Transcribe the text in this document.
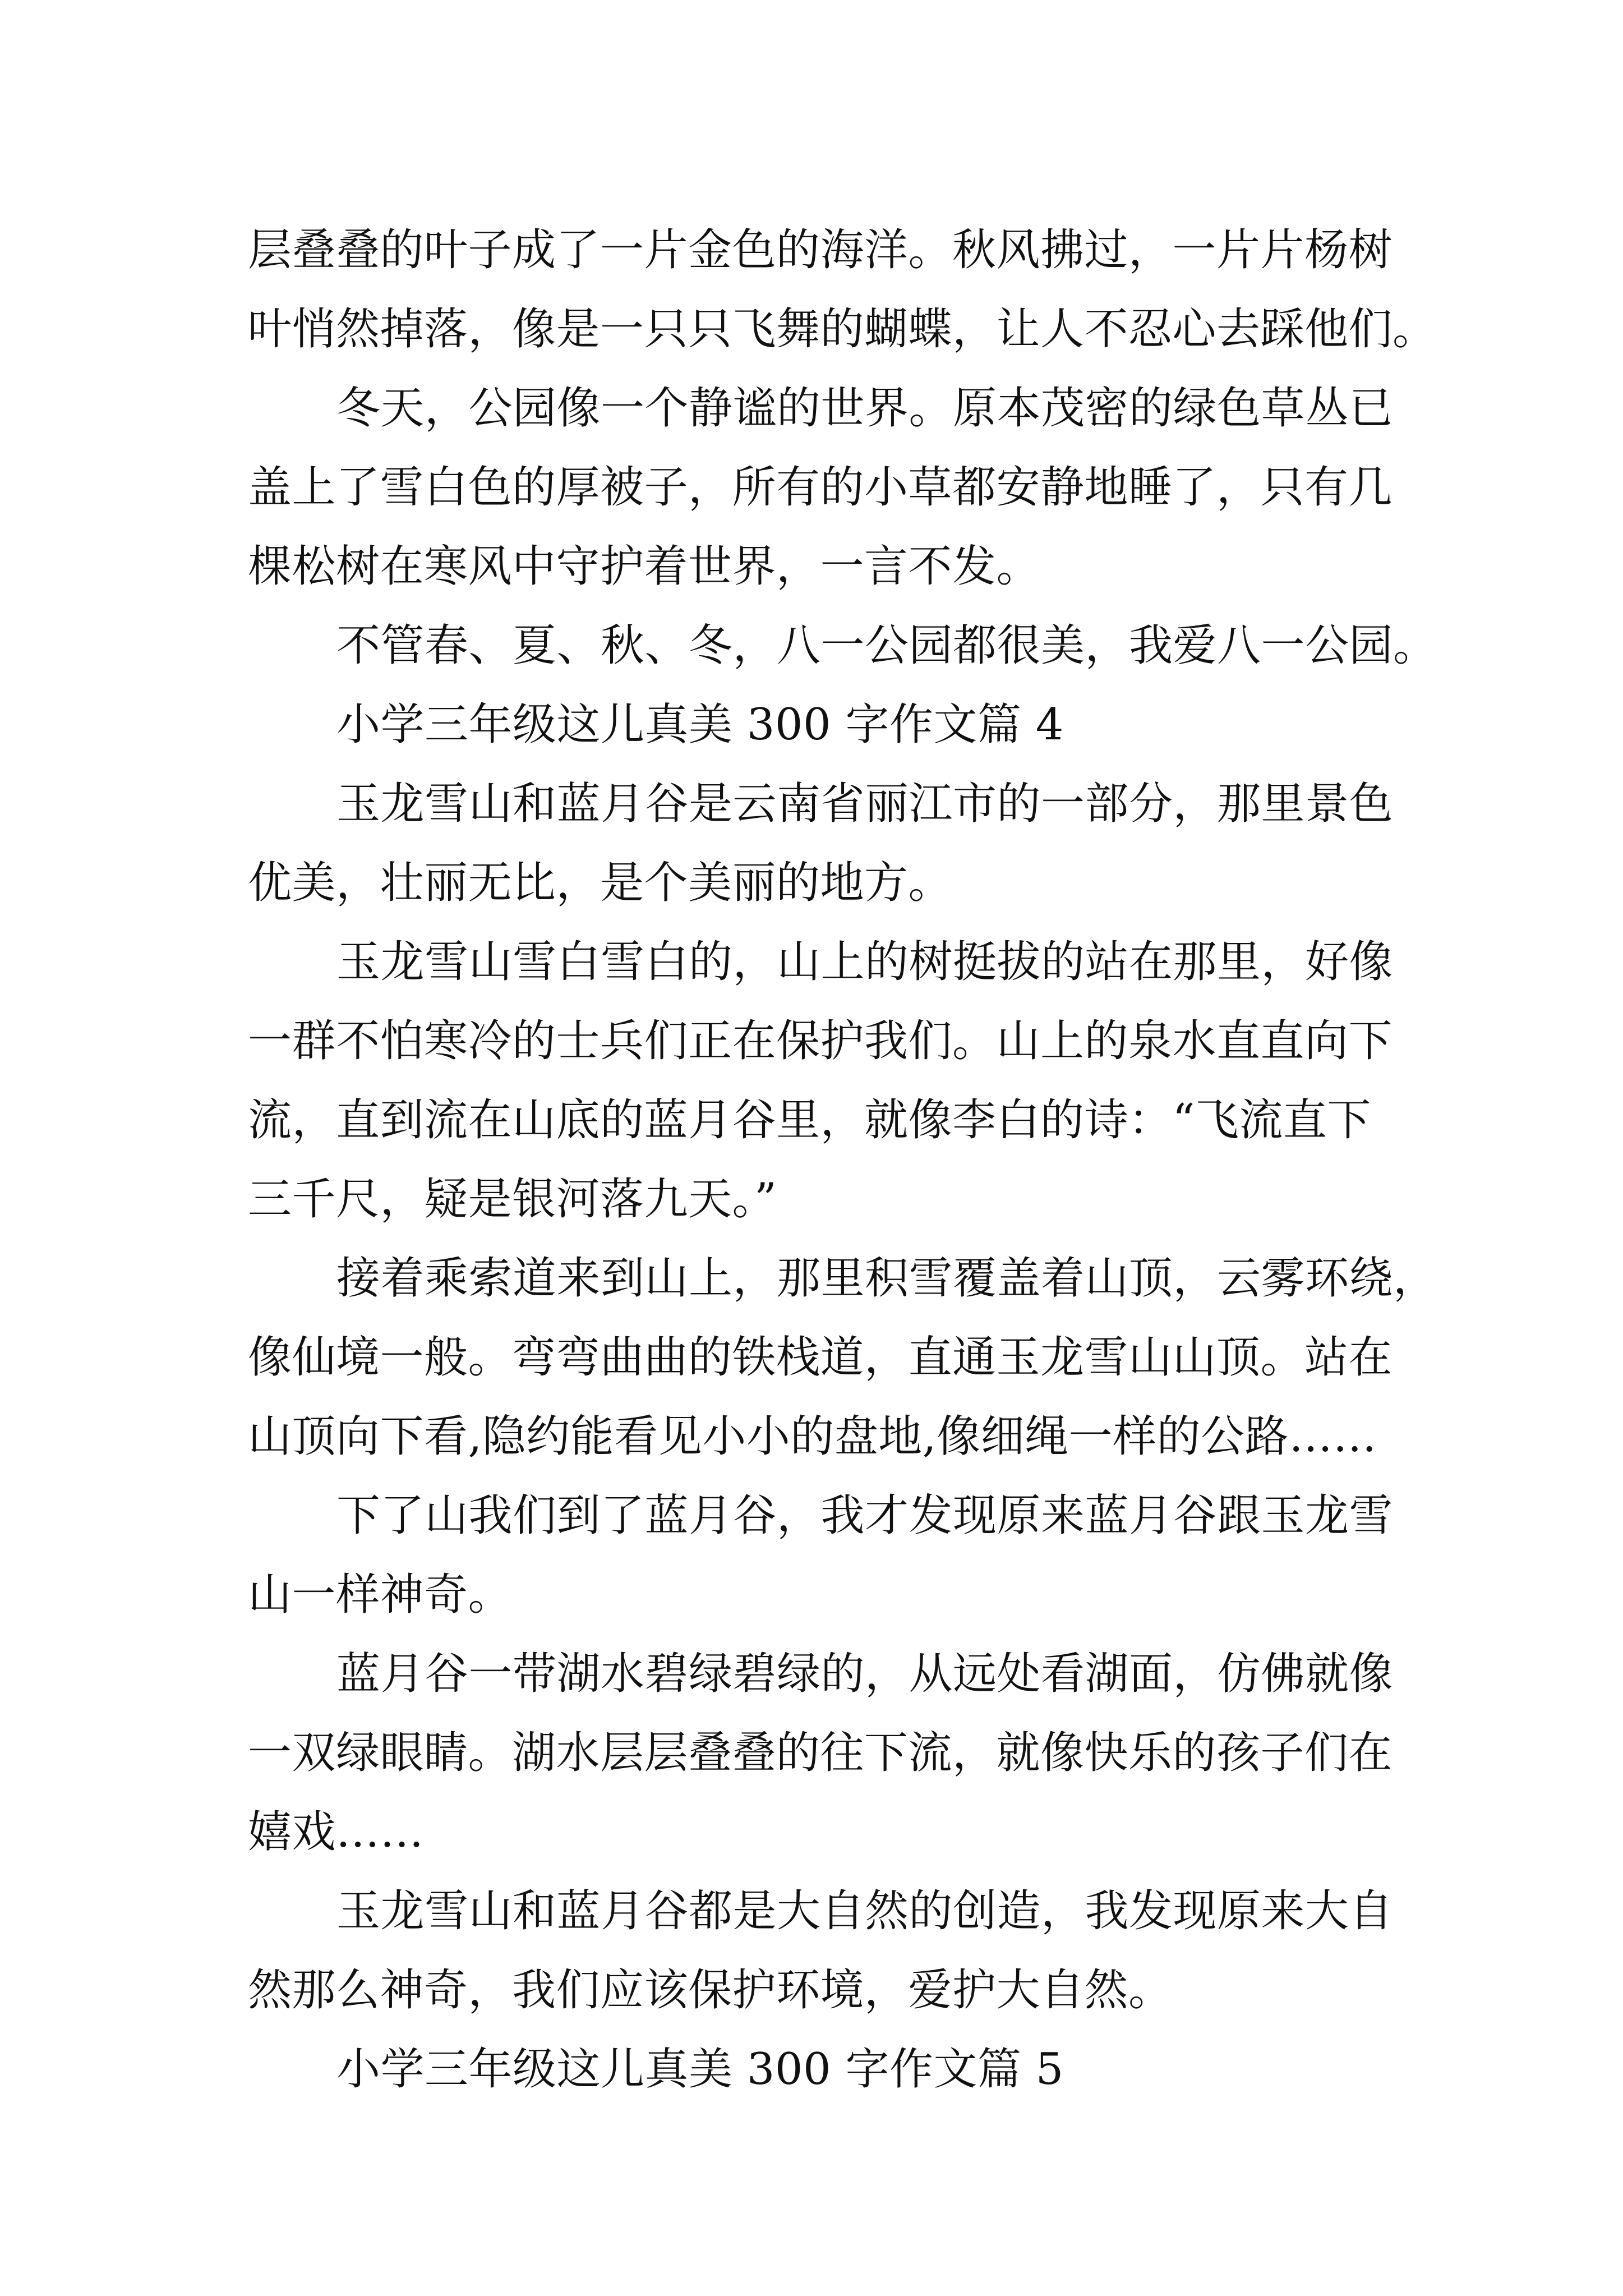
层叠叠的叶子成了一片金色的海洋。秋风拂过，一片片杨树
叶悄然掉落，像是一只只飞舞的蝴蝶，让人不忍心去踩他们。
冬天，公园像一个静谧的世界。原本茂密的绿色草丛已
盖上了雪白色的厚被子，所有的小草都安静地睡了，只有几
棵松树在寒风中守护着世界，一言不发。
不管春、夏、秋、冬，八一公园都很美，我爱八一公园。
小学三年级这儿真美 300 字作文篇 4
玉龙雪山和蓝月谷是云南省丽江市的一部分，那里景色
优美，壮丽无比，是个美丽的地方。
玉龙雪山雪白雪白的，山上的树挺拔的站在那里，好像
一群不怕寒冷的士兵们正在保护我们。山上的泉水直直向下
流，直到流在山底的蓝月谷里，就像李白的诗：“飞流直下
三千尺，疑是银河落九天。”
接着乘索道来到山上，那里积雪覆盖着山顶，云雾环绕，
像仙境一般。弯弯曲曲的铁栈道，直通玉龙雪山山顶。站在
山顶向下看,隐约能看见小小的盘地,像细绳一样的公路……
下了山我们到了蓝月谷，我才发现原来蓝月谷跟玉龙雪
山一样神奇。
蓝月谷一带湖水碧绿碧绿的，从远处看湖面，仿佛就像
一双绿眼睛。湖水层层叠叠的往下流，就像快乐的孩子们在
嬉戏……
玉龙雪山和蓝月谷都是大自然的创造，我发现原来大自
然那么神奇，我们应该保护环境，爱护大自然。
小学三年级这儿真美 300 字作文篇 5
